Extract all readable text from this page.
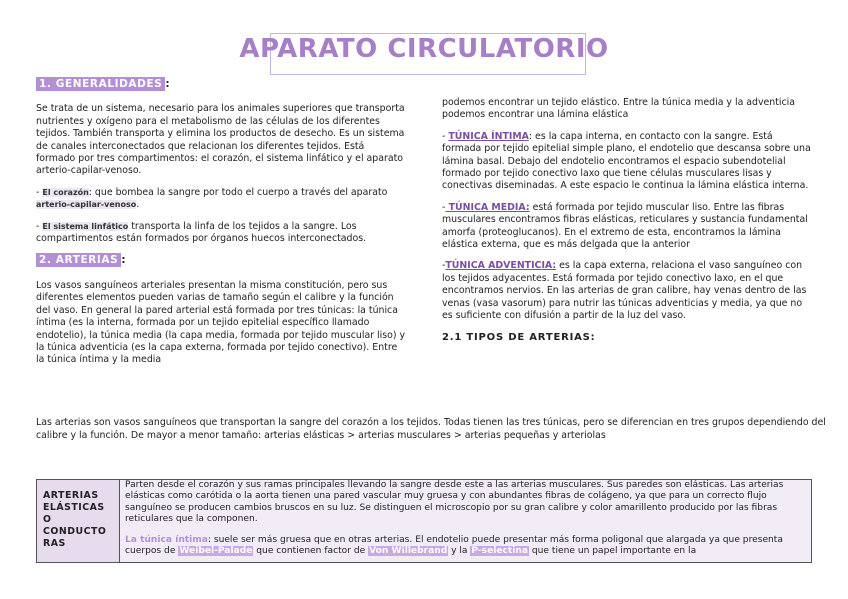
APARATO CIRCULATORIO
1. GENERALIDADES :

Se trata de un sistema, necesario para los animales superiores que transporta nutrientes y oxígeno para el metabolismo de las células de los diferentes tejidos. También transporta y elimina los productos de desecho. Es un sistema de canales interconectados que relacionan los diferentes tejidos. Está formado por tres compartimentos: el corazón, el sistema linfático y el aparato arterio-capilar-venoso.

- El corazón: que bombea la sangre por todo el cuerpo a través del aparato arterio-capilar-venoso.

- El sistema linfático transporta la linfa de los tejidos a la sangre. Los compartimentos están formados por órganos huecos interconectados.

2. ARTERIAS :

Los vasos sanguíneos arteriales presentan la misma constitución, pero sus diferentes elementos pueden varias de tamaño según el calibre y la función del vaso. En general la pared arterial está formada por tres túnicas: la túnica íntima (es la interna, formada por un tejido epitelial específico llamado endotelio), la túnica media (la capa media, formada por tejido muscular liso) y la túnica adventicia (es la capa externa, formada por tejido conectivo). Entre la túnica íntima y la media

podemos encontrar un tejido elástico. Entre la túnica media y la adventicia podemos encontrar una lámina elástica

- TÚNICA ÍNTIMA: es la capa interna, en contacto con la sangre. Está formada por tejido epitelial simple plano, el endotelio que descansa sobre una lámina basal. Debajo del endotelio encontramos el espacio subendotelial formado por tejido conectivo laxo que tiene células musculares lisas y conectivas diseminadas. A este espacio le continua la lámina elástica interna.

- TÚNICA MEDIA: está formada por tejido muscular liso. Entre las fibras musculares encontramos fibras elásticas, reticulares y sustancia fundamental amorfa (proteoglucanos). En el extremo de esta, encontramos la lámina elástica externa, que es más delgada que la anterior

-TÚNICA ADVENTICIA: es la capa externa, relaciona el vaso sanguíneo con los tejidos adyacentes. Está formada por tejido conectivo laxo, en el que encontramos nervios. En las arterias de gran calibre, hay venas dentro de las venas (vasa vasorum) para nutrir las túnicas adventicias y media, ya que no es suficiente con difusión a partir de la luz del vaso.

2.1 TIPOS DE ARTERIAS:
Las arterias son vasos sanguíneos que transportan la sangre del corazón a los tejidos. Todas tienen las tres túnicas, pero se diferencian en tres grupos dependiendo del calibre y la función. De mayor a menor tamaño: arterias elásticas > arterias musculares > arterias pequeñas y arteriolas
ARTERIAS ELÁSTICAS O CONDUCTO RAS

Parten desde el corazón y sus ramas principales llevando la sangre desde este a las arterias musculares. Sus paredes son elásticas. Las arterias elásticas como carótida o la aorta tienen una pared vascular muy gruesa y con abundantes fibras de colágeno, ya que para un correcto flujo sanguíneo se producen cambios bruscos en su luz. Se distinguen el microscopio por su gran calibre y color amarillento producido por las fibras reticulares que la componen.

La túnica íntima: suele ser más gruesa que en otras arterias. El endotelio puede presentar más forma poligonal que alargada ya que presenta cuerpos de Weibel-Palade que contienen factor de Von Willebrand y la P-selectina que tiene un papel importante en la
